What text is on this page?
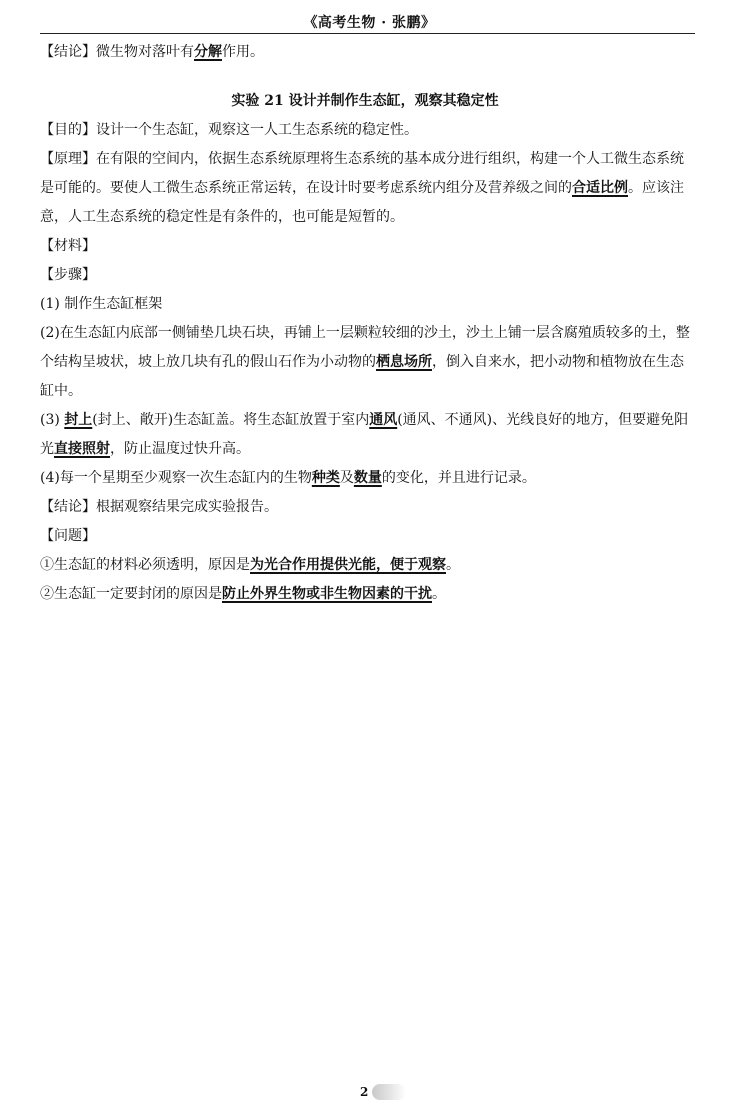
《高考生物 · 张鹏》

【结论】微生物对落叶有分解作用。

实验 21 设计并制作生态缸，观察其稳定性

【目的】设计一个生态缸，观察这一人工生态系统的稳定性。

【原理】在有限的空间内，依据生态系统原理将生态系统的基本成分进行组织，构建一个人工微生态系统是可能的。要使人工微生态系统正常运转，在设计时要考虑系统内组分及营养级之间的合适比例。应该注意，人工生态系统的稳定性是有条件的，也可能是短暂的。

【材料】

【步骤】

(1) 制作生态缸框架

(2)在生态缸内底部一侧铺垫几块石块，再铺上一层颗粒较细的沙土，沙土上铺一层含腐殖质较多的土，整个结构呈坡状，坡上放几块有孔的假山石作为小动物的栖息场所，倒入自来水，把小动物和植物放在生态缸中。

(3) 封上(封上、敞开)生态缸盖。将生态缸放置于室内通风(通风、不通风)、光线良好的地方，但要避免阳光直接照射，防止温度过快升高。

(4)每一个星期至少观察一次生态缸内的生物种类及数量的变化，并且进行记录。

【结论】根据观察结果完成实验报告。

【问题】

①生态缸的材料必须透明，原因是为光合作用提供光能，便于观察。

②生态缸一定要封闭的原因是防止外界生物或非生物因素的干扰。

2
